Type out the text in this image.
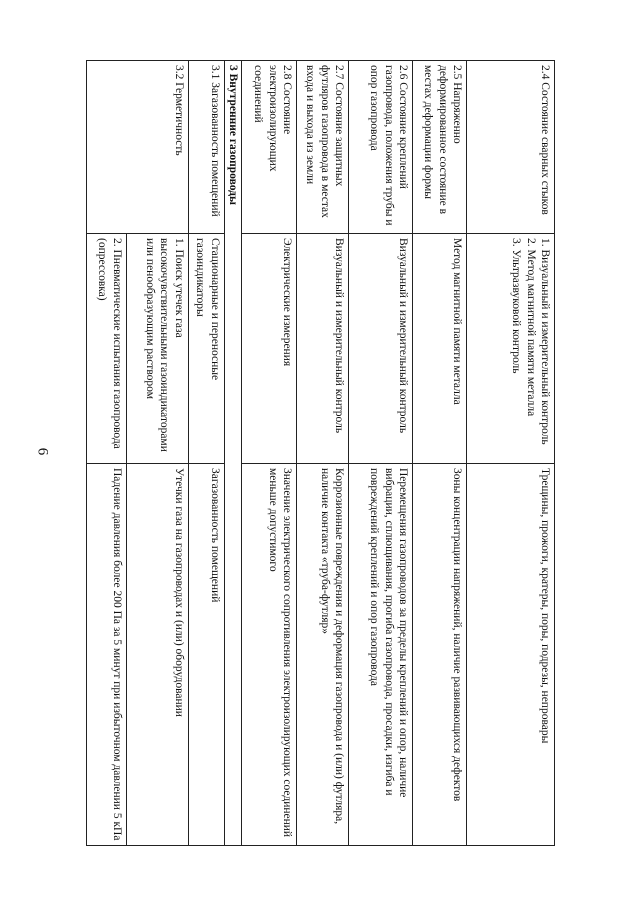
6
2.4 Состояние сварных стыков	1. Визуальный и измерительный контроль
2. Метод магнитной памяти металла
3. Ультразвуковой контроль	Трещины, прожоги, кратеры, поры, подрезы, непровары
2.5 Напряженно деформированное состояние в местах деформации формы	Метод магнитной памяти металла	Зоны концентрации напряжений, наличие развивающихся дефектов
2.6 Состояние креплений газопровода, положения трубы и опор газопровода	Визуальный и измерительный контроль	Перемещения газопроводов за пределы креплений и опор, наличие вибрации, сплющивания, прогиба газопровода, просадки, изгиба и повреждений креплений и опор газопровода
2.7 Состояние защитных футляров газопровода в местах входа и выхода из земли	Визуальный и измерительный контроль	Коррозионные повреждения и деформация газопровода и (или) футляра, наличие контакта «труба-футляр»
2.8 Состояние электроизолирующих соединений	Электрические измерения	Значение электрического сопротивления электроизолирующих соединений меньше допустимого
3 Внутренние газопроводы		
3.1 Загазованность помещений	Стационарные и переносные газоиндикаторы	Загазованность помещений
3.2 Герметичность	1. Поиск утечек газа высокочувствительными газоиндикаторами или пенообразующим раствором	Утечки газа на газопроводах и (или) оборудовании
	2. Пневматические испытания газопровода (опрессовка)	Падение давления более 200 Па за 5 минут при избыточном давлении 5 кПа
